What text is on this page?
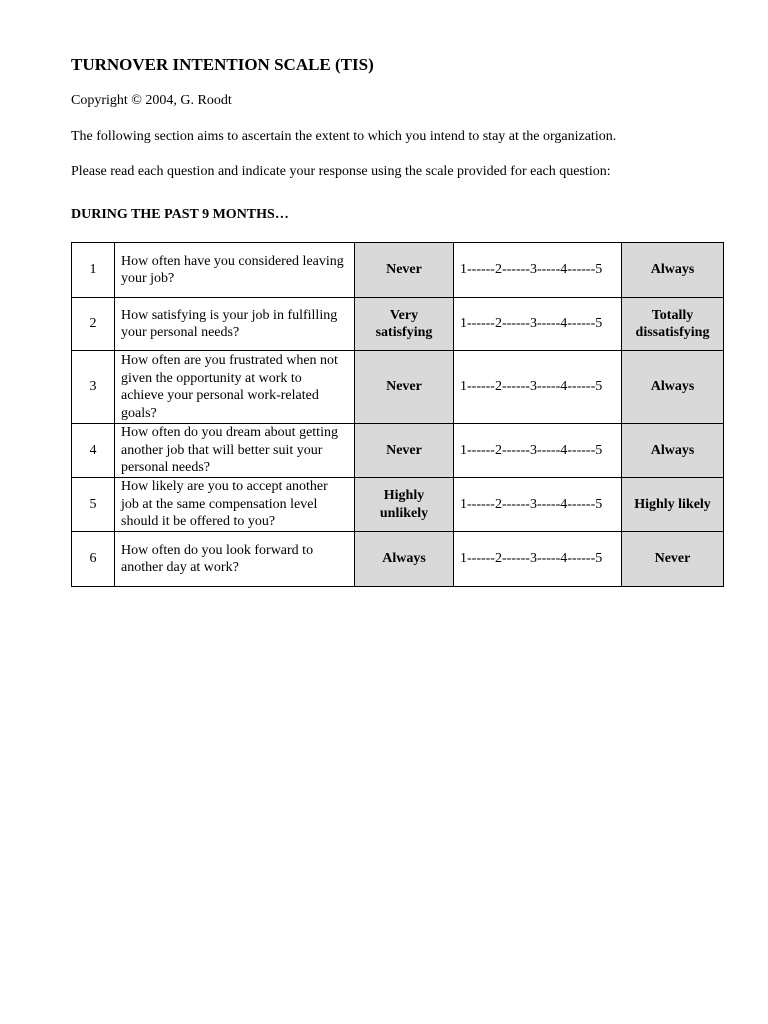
TURNOVER INTENTION SCALE (TIS)

Copyright © 2004, G. Roodt

The following section aims to ascertain the extent to which you intend to stay at the organization.

Please read each question and indicate your response using the scale provided for each question:

DURING THE PAST 9 MONTHS…

1	How often have you considered leaving your job?	Never	1------2------3-----4------5	Always
2	How satisfying is your job in fulfilling your personal needs?	Very satisfying	1------2------3-----4------5	Totally dissatisfying
3	How often are you frustrated when not given the opportunity at work to achieve your personal work-related goals?	Never	1------2------3-----4------5	Always
4	How often do you dream about getting another job that will better suit your personal needs?	Never	1------2------3-----4------5	Always
5	How likely are you to accept another job at the same compensation level should it be offered to you?	Highly unlikely	1------2------3-----4------5	Highly likely
6	How often do you look forward to another day at work?	Always	1------2------3-----4------5	Never
